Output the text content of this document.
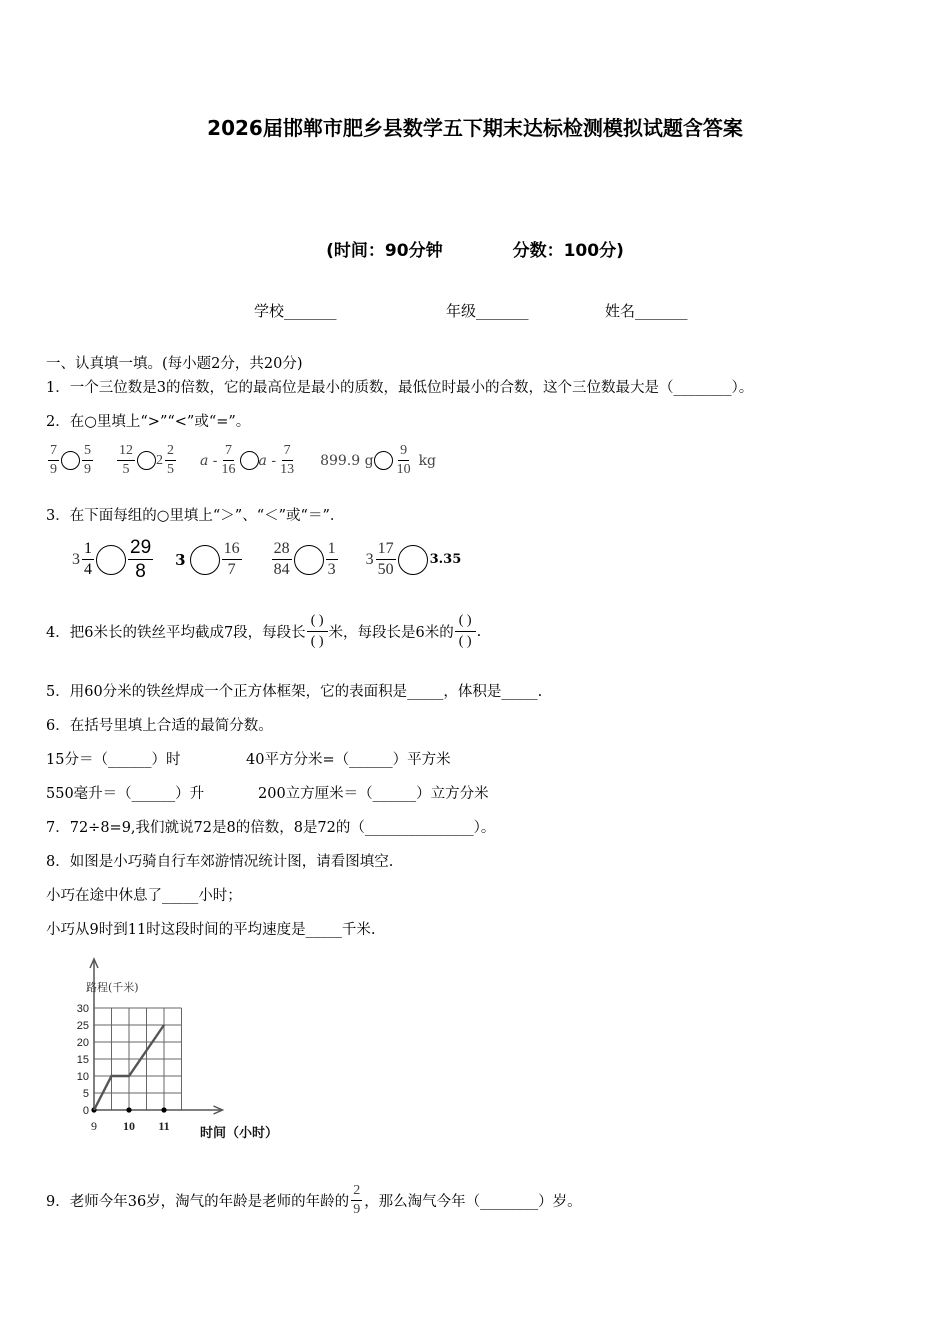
2026届邯郸市肥乡县数学五下期末达标检测模拟试题含答案
(时间：90分钟	分数：100分)
学校_______	年级_______	姓名_______
一、认真填一填。(每小题2分，共20分)
1．一个三位数是3的倍数，它的最高位是最小的质数，最低位时最小的合数，这个三位数最大是（________）。
2．在○里填上“>”“<”或“=”。
$\frac{7}{9} \frac{5}{9} \frac{12}{5} 2 \frac{2}{5}$ a - $\frac{7}{16}$ a - $\frac{7}{13} 899.9$ g $\frac{9}{10}$ kg
3．在下面每组的○里填上“＞”、“＜”或“＝”．
$3 \frac{1}{4} \frac{29}{8} 3 \frac{16}{7} \frac{28}{84} \frac{1}{3} 3 \frac{17}{50}$	3.35
4．把6米长的铁丝平均截成7段，每段长 $\frac{( )}{( )}$ 米，每段长是6米的 $\frac{( )}{( )}$ .
5．用60分米的铁丝焊成一个正方体框架，它的表面积是_____，体积是_____.
6．在括号里填上合适的最简分数。
15分＝（______）时	40平方分米=（______）平方米
550毫升＝（______）升	200立方厘米＝（______）立方分米
7．72÷8=9,我们就说72是8的倍数，8是72的（_______________）。
8．如图是小巧骑自行车郊游情况统计图，请看图填空.
小巧在途中休息了_____小时；
小巧从9时到11时这段时间的平均速度是_____千米.
0
5
10
15
20
25
30
路程(千米)
9 10 11 时间（小时）
9．老师今年36岁，淘气的年龄是老师的年龄的 $\frac{2}{9}$ ，那么淘气今年（________）岁。
